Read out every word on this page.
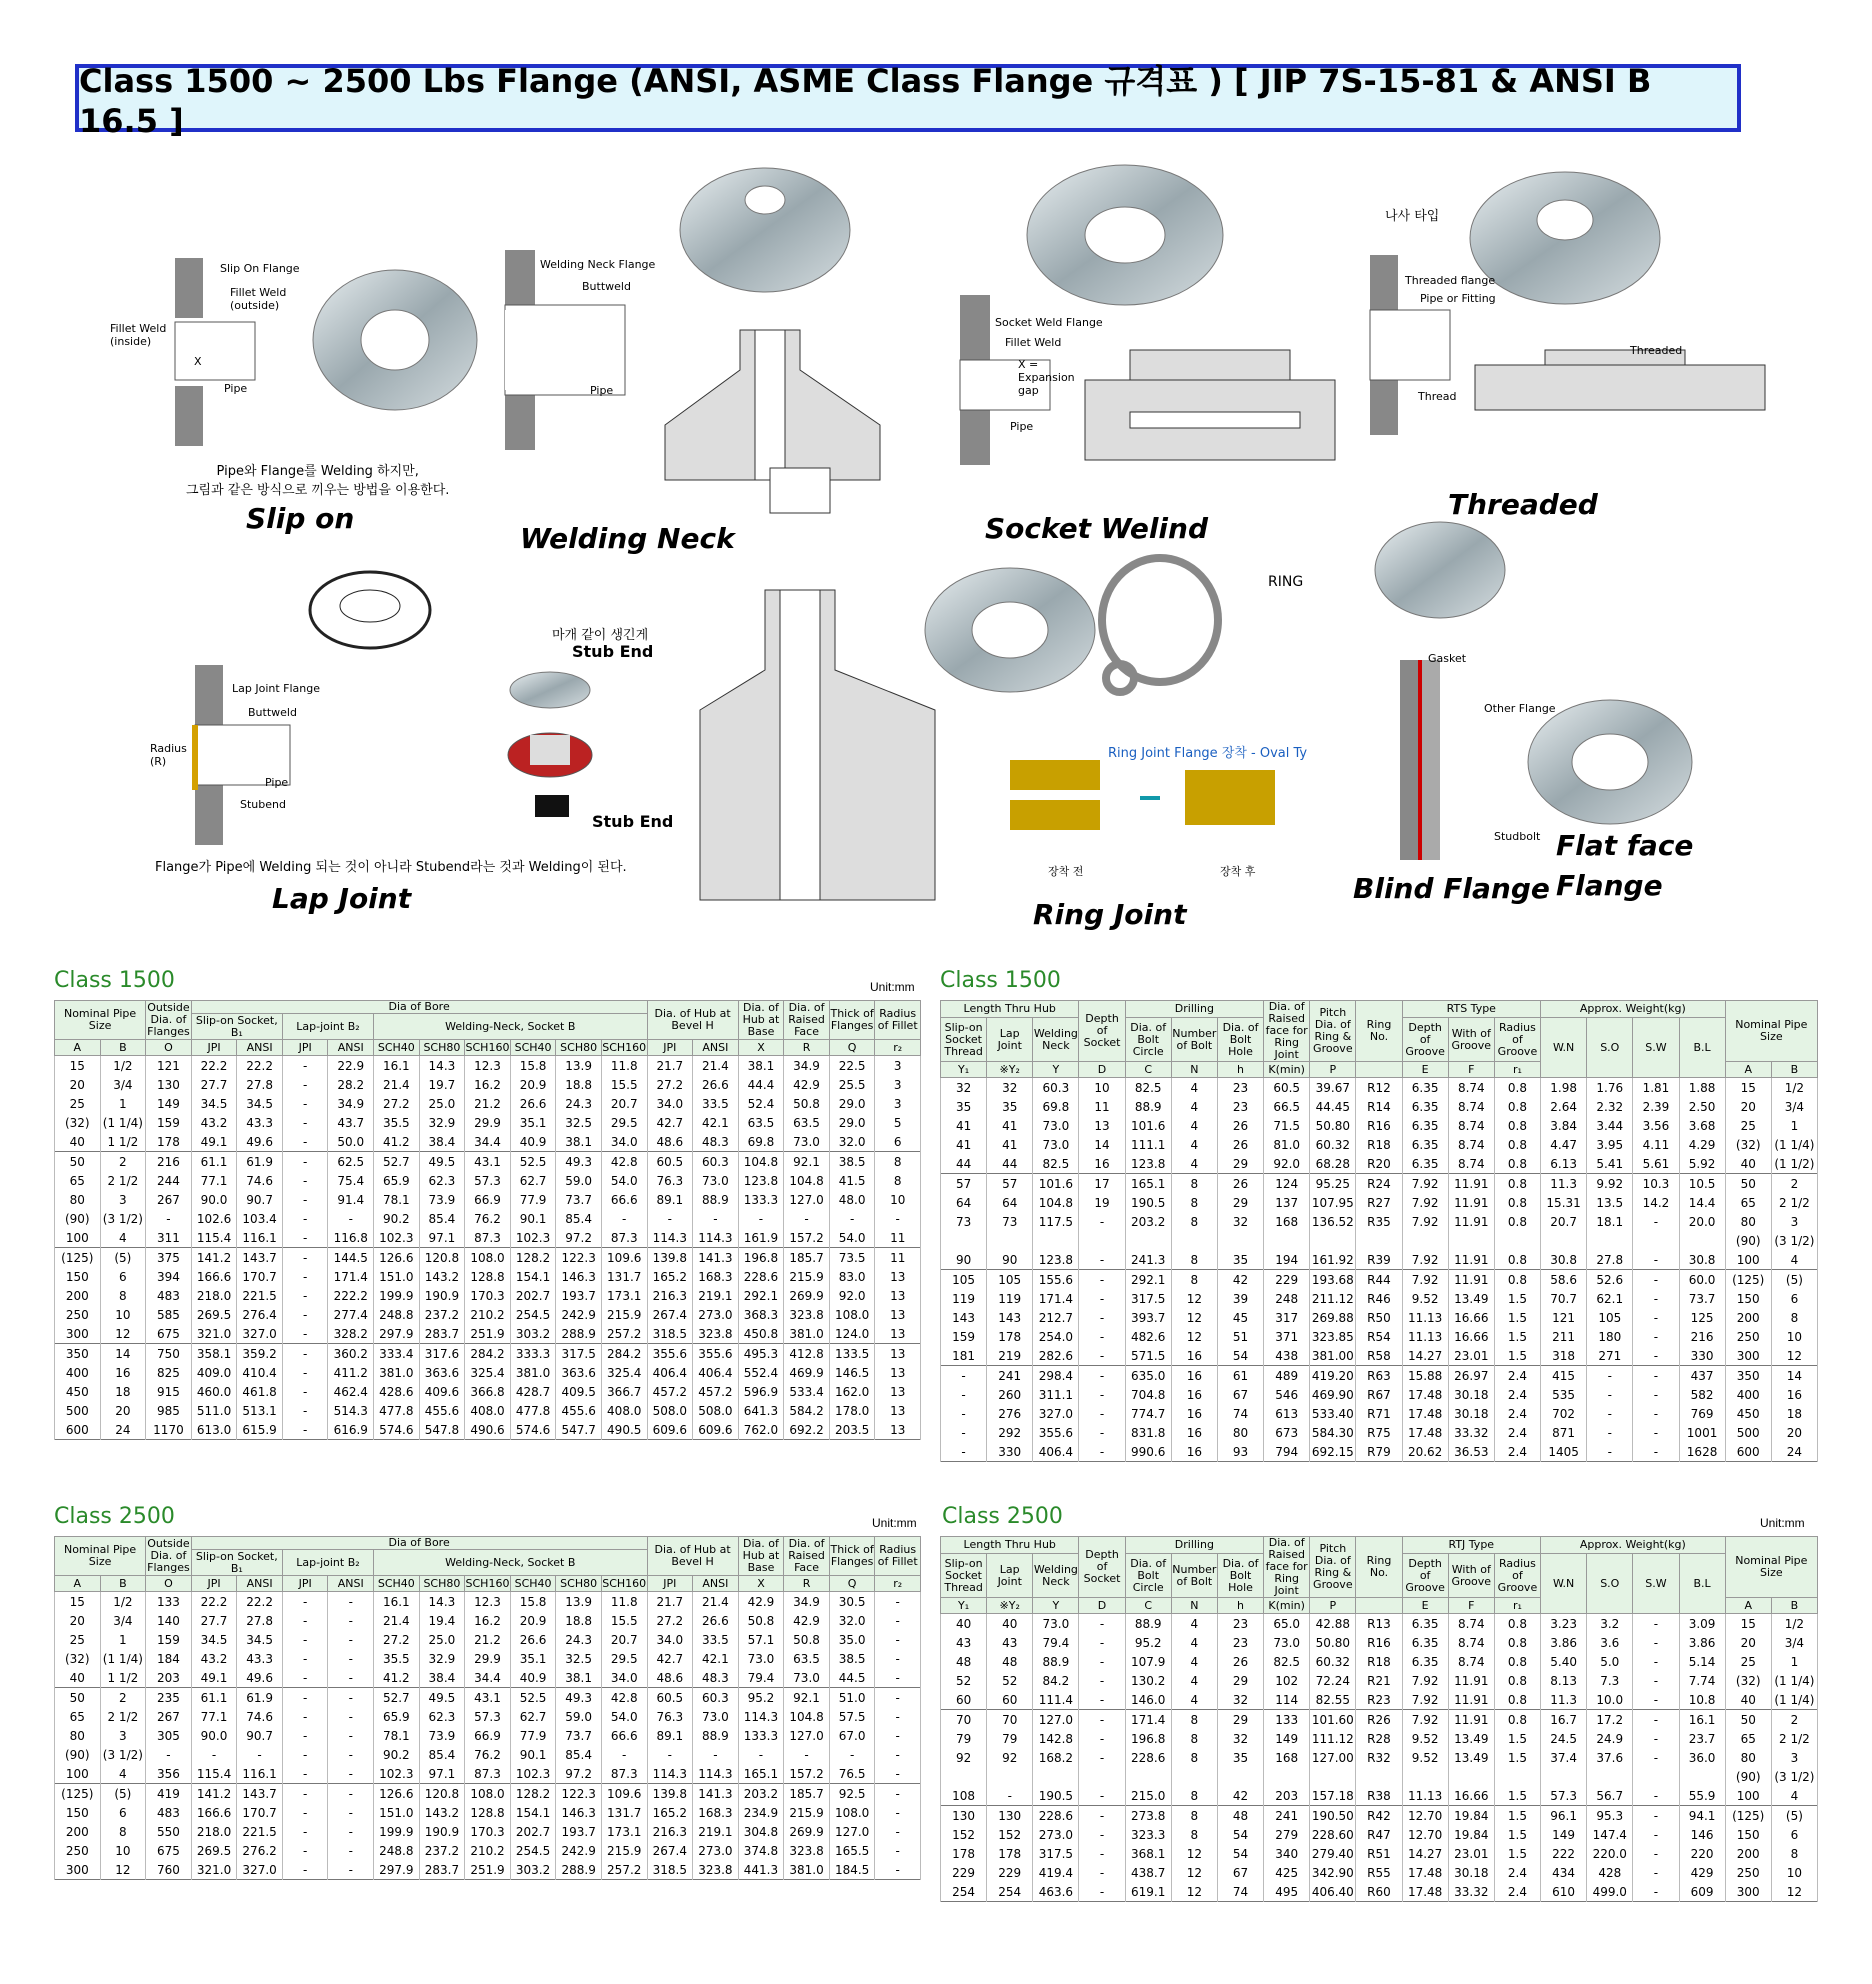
Class 1500 ~ 2500 Lbs Flange (ANSI, ASME Class Flange 규격표 ) [ JIP 7S-15-81 & ANSI B 16.5 ]
Slip on
Welding Neck	Socket Welind
Threaded
Lap Joint	Ring Joint
Blind Flange
Flat face Flange
Pipe와 Flange를 Welding 하지만,
그림과 같은 방식으로 끼우는 방법을 이용한다.
Flange가 Pipe에 Welding 되는 것이 아니라 Stubend라는 것과 Welding이 된다.
Slip On Flange
Fillet Weld (outside)
Fillet Weld (inside)
Pipe
X
Welding Neck Flange
Buttweld
Pipe
Socket Weld Flange
Fillet Weld
X = Expansion gap
Pipe
나사 타입
Threaded flange
Pipe or Fitting
Thread
Threaded
Lap Joint Flange
Buttweld
Radius (R)
Pipe
Stubend
마개 같이 생긴게
Stub End
Stub End
RING
Ring Joint Flange 장착 - Oval Ty
장착 전	장착 후
Gasket
Other Flange
Studbolt
Class 1500	Unit:mm Class 1500
Class 2500	Unit:mm Class 2500	Unit:mm
Nominal Pipe Size		Outside Dia. of Flanges	Dia of Bore										Dia. of Hub at Bevel H		Dia. of Hub at Base	Dia. of Raised Face	Thick of Flanges	Radius of Fillet
			Slip-on Socket, B₁		Lap-joint B₂		Welding-Neck, Socket B											
A	B	O	JPI	ANSI	JPI	ANSI	SCH40	SCH80	SCH160	SCH40	SCH80	SCH160	JPI	ANSI	X	R	Q	r₂
15	1/2	121	22.2	22.2	-	22.9	16.1	14.3	12.3	15.8	13.9	11.8	21.7	21.4	38.1	34.9	22.5	3
20	3/4	130	27.7	27.8	-	28.2	21.4	19.7	16.2	20.9	18.8	15.5	27.2	26.6	44.4	42.9	25.5	3
25	1	149	34.5	34.5	-	34.9	27.2	25.0	21.2	26.6	24.3	20.7	34.0	33.5	52.4	50.8	29.0	3
(32)	(1 1/4)	159	43.2	43.3	-	43.7	35.5	32.9	29.9	35.1	32.5	29.5	42.7	42.1	63.5	63.5	29.0	5
40	1 1/2	178	49.1	49.6	-	50.0	41.2	38.4	34.4	40.9	38.1	34.0	48.6	48.3	69.8	73.0	32.0	6
50	2	216	61.1	61.9	-	62.5	52.7	49.5	43.1	52.5	49.3	42.8	60.5	60.3	104.8	92.1	38.5	8
65	2 1/2	244	77.1	74.6	-	75.4	65.9	62.3	57.3	62.7	59.0	54.0	76.3	73.0	123.8	104.8	41.5	8
80	3	267	90.0	90.7	-	91.4	78.1	73.9	66.9	77.9	73.7	66.6	89.1	88.9	133.3	127.0	48.0	10
(90)	(3 1/2)	-	102.6	103.4	-	-	90.2	85.4	76.2	90.1	85.4	-	-	-	-	-	-	-
100	4	311	115.4	116.1	-	116.8	102.3	97.1	87.3	102.3	97.2	87.3	114.3	114.3	161.9	157.2	54.0	11
(125)	(5)	375	141.2	143.7	-	144.5	126.6	120.8	108.0	128.2	122.3	109.6	139.8	141.3	196.8	185.7	73.5	11
150	6	394	166.6	170.7	-	171.4	151.0	143.2	128.8	154.1	146.3	131.7	165.2	168.3	228.6	215.9	83.0	13
200	8	483	218.0	221.5	-	222.2	199.9	190.9	170.3	202.7	193.7	173.1	216.3	219.1	292.1	269.9	92.0	13
250	10	585	269.5	276.4	-	277.4	248.8	237.2	210.2	254.5	242.9	215.9	267.4	273.0	368.3	323.8	108.0	13
300	12	675	321.0	327.0	-	328.2	297.9	283.7	251.9	303.2	288.9	257.2	318.5	323.8	450.8	381.0	124.0	13
350	14	750	358.1	359.2	-	360.2	333.4	317.6	284.2	333.3	317.5	284.2	355.6	355.6	495.3	412.8	133.5	13
400	16	825	409.0	410.4	-	411.2	381.0	363.6	325.4	381.0	363.6	325.4	406.4	406.4	552.4	469.9	146.5	13
450	18	915	460.0	461.8	-	462.4	428.6	409.6	366.8	428.7	409.5	366.7	457.2	457.2	596.9	533.4	162.0	13
500	20	985	511.0	513.1	-	514.3	477.8	455.6	408.0	477.8	455.6	408.0	508.0	508.0	641.3	584.2	178.0	13
600	24	1170	613.0	615.9	-	616.9	574.6	547.8	490.6	574.6	547.7	490.5	609.6	609.6	762.0	692.2	203.5	13
Length Thru Hub			Depth of Socket	Drilling			Dia. of Raised face for Ring Joint	Pitch Dia. of Ring & Groove	Ring No.	RTS Type			Approx. Weight(kg)				Nominal Pipe Size	
Slip-on Socket Thread	Lap Joint	Welding Neck		Dia. of Bolt Circle	Number of Bolt	Dia. of Bolt Hole				Depth of Groove	With of Groove	Radius of Groove	W.N	S.O	S.W	B.L		
Y₁	※Y₂	Y	D	C	N	h	K(min)	P		E	F	r₁					A	B
32	32	60.3	10	82.5	4	23	60.5	39.67	R12	6.35	8.74	0.8	1.98	1.76	1.81	1.88	15	1/2
35	35	69.8	11	88.9	4	23	66.5	44.45	R14	6.35	8.74	0.8	2.64	2.32	2.39	2.50	20	3/4
41	41	73.0	13	101.6	4	26	71.5	50.80	R16	6.35	8.74	0.8	3.84	3.44	3.56	3.68	25	1
41	41	73.0	14	111.1	4	26	81.0	60.32	R18	6.35	8.74	0.8	4.47	3.95	4.11	4.29	(32)	(1 1/4)
44	44	82.5	16	123.8	4	29	92.0	68.28	R20	6.35	8.74	0.8	6.13	5.41	5.61	5.92	40	(1 1/2)
57	57	101.6	17	165.1	8	26	124	95.25	R24	7.92	11.91	0.8	11.3	9.92	10.3	10.5	50	2
64	64	104.8	19	190.5	8	29	137	107.95	R27	7.92	11.91	0.8	15.31	13.5	14.2	14.4	65	2 1/2
73	73	117.5	-	203.2	8	32	168	136.52	R35	7.92	11.91	0.8	20.7	18.1	-	20.0	80	3
																	(90)	(3 1/2)
90	90	123.8	-	241.3	8	35	194	161.92	R39	7.92	11.91	0.8	30.8	27.8	-	30.8	100	4
105	105	155.6	-	292.1	8	42	229	193.68	R44	7.92	11.91	0.8	58.6	52.6	-	60.0	(125)	(5)
119	119	171.4	-	317.5	12	39	248	211.12	R46	9.52	13.49	1.5	70.7	62.1	-	73.7	150	6
143	143	212.7	-	393.7	12	45	317	269.88	R50	11.13	16.66	1.5	121	105	-	125	200	8
159	178	254.0	-	482.6	12	51	371	323.85	R54	11.13	16.66	1.5	211	180	-	216	250	10
181	219	282.6	-	571.5	16	54	438	381.00	R58	14.27	23.01	1.5	318	271	-	330	300	12
-	241	298.4	-	635.0	16	61	489	419.20	R63	15.88	26.97	2.4	415	-	-	437	350	14
-	260	311.1	-	704.8	16	67	546	469.90	R67	17.48	30.18	2.4	535	-	-	582	400	16
-	276	327.0	-	774.7	16	74	613	533.40	R71	17.48	30.18	2.4	702	-	-	769	450	18
-	292	355.6	-	831.8	16	80	673	584.30	R75	17.48	33.32	2.4	871	-	-	1001	500	20
-	330	406.4	-	990.6	16	93	794	692.15	R79	20.62	36.53	2.4	1405	-	-	1628	600	24
Nominal Pipe Size		Outside Dia. of Flanges	Dia of Bore										Dia. of Hub at Bevel H		Dia. of Hub at Base	Dia. of Raised Face	Thick of Flanges	Radius of Fillet
			Slip-on Socket, B₁		Lap-joint B₂		Welding-Neck, Socket B											
A	B	O	JPI	ANSI	JPI	ANSI	SCH40	SCH80	SCH160	SCH40	SCH80	SCH160	JPI	ANSI	X	R	Q	r₂
15	1/2	133	22.2	22.2	-	-	16.1	14.3	12.3	15.8	13.9	11.8	21.7	21.4	42.9	34.9	30.5	-
20	3/4	140	27.7	27.8	-	-	21.4	19.4	16.2	20.9	18.8	15.5	27.2	26.6	50.8	42.9	32.0	-
25	1	159	34.5	34.5	-	-	27.2	25.0	21.2	26.6	24.3	20.7	34.0	33.5	57.1	50.8	35.0	-
(32)	(1 1/4)	184	43.2	43.3	-	-	35.5	32.9	29.9	35.1	32.5	29.5	42.7	42.1	73.0	63.5	38.5	-
40	1 1/2	203	49.1	49.6	-	-	41.2	38.4	34.4	40.9	38.1	34.0	48.6	48.3	79.4	73.0	44.5	-
50	2	235	61.1	61.9	-	-	52.7	49.5	43.1	52.5	49.3	42.8	60.5	60.3	95.2	92.1	51.0	-
65	2 1/2	267	77.1	74.6	-	-	65.9	62.3	57.3	62.7	59.0	54.0	76.3	73.0	114.3	104.8	57.5	-
80	3	305	90.0	90.7	-	-	78.1	73.9	66.9	77.9	73.7	66.6	89.1	88.9	133.3	127.0	67.0	-
(90)	(3 1/2)	-	-	-	-	-	90.2	85.4	76.2	90.1	85.4	-	-	-	-	-	-	-
100	4	356	115.4	116.1	-	-	102.3	97.1	87.3	102.3	97.2	87.3	114.3	114.3	165.1	157.2	76.5	-
(125)	(5)	419	141.2	143.7	-	-	126.6	120.8	108.0	128.2	122.3	109.6	139.8	141.3	203.2	185.7	92.5	-
150	6	483	166.6	170.7	-	-	151.0	143.2	128.8	154.1	146.3	131.7	165.2	168.3	234.9	215.9	108.0	-
200	8	550	218.0	221.5	-	-	199.9	190.9	170.3	202.7	193.7	173.1	216.3	219.1	304.8	269.9	127.0	-
250	10	675	269.5	276.2	-	-	248.8	237.2	210.2	254.5	242.9	215.9	267.4	273.0	374.8	323.8	165.5	-
300	12	760	321.0	327.0	-	-	297.9	283.7	251.9	303.2	288.9	257.2	318.5	323.8	441.3	381.0	184.5	-
Length Thru Hub			Depth of Socket	Drilling			Dia. of Raised face for Ring Joint	Pitch Dia. of Ring & Groove	Ring No.	RTJ Type			Approx. Weight(kg)				Nominal Pipe Size	
Slip-on Socket Thread	Lap Joint	Welding Neck		Dia. of Bolt Circle	Number of Bolt	Dia. of Bolt Hole				Depth of Groove	With of Groove	Radius of Groove	W.N	S.O	S.W	B.L		
Y₁	※Y₂	Y	D	C	N	h	K(min)	P		E	F	r₁					A	B
40	40	73.0	-	88.9	4	23	65.0	42.88	R13	6.35	8.74	0.8	3.23	3.2	-	3.09	15	1/2
43	43	79.4	-	95.2	4	23	73.0	50.80	R16	6.35	8.74	0.8	3.86	3.6	-	3.86	20	3/4
48	48	88.9	-	107.9	4	26	82.5	60.32	R18	6.35	8.74	0.8	5.40	5.0	-	5.14	25	1
52	52	84.2	-	130.2	4	29	102	72.24	R21	7.92	11.91	0.8	8.13	7.3	-	7.74	(32)	(1 1/4)
60	60	111.4	-	146.0	4	32	114	82.55	R23	7.92	11.91	0.8	11.3	10.0	-	10.8	40	(1 1/4)
70	70	127.0	-	171.4	8	29	133	101.60	R26	7.92	11.91	0.8	16.7	17.2	-	16.1	50	2
79	79	142.8	-	196.8	8	32	149	111.12	R28	9.52	13.49	1.5	24.5	24.9	-	23.7	65	2 1/2
92	92	168.2	-	228.6	8	35	168	127.00	R32	9.52	13.49	1.5	37.4	37.6	-	36.0	80	3
																	(90)	(3 1/2)
108	-	190.5	-	215.0	8	42	203	157.18	R38	11.13	16.66	1.5	57.3	56.7	-	55.9	100	4
130	130	228.6	-	273.8	8	48	241	190.50	R42	12.70	19.84	1.5	96.1	95.3	-	94.1	(125)	(5)
152	152	273.0	-	323.3	8	54	279	228.60	R47	12.70	19.84	1.5	149	147.4	-	146	150	6
178	178	317.5	-	368.1	12	54	340	279.40	R51	14.27	23.01	1.5	222	220.0	-	220	200	8
229	229	419.4	-	438.7	12	67	425	342.90	R55	17.48	30.18	2.4	434	428	-	429	250	10
254	254	463.6	-	619.1	12	74	495	406.40	R60	17.48	33.32	2.4	610	499.0	-	609	300	12
